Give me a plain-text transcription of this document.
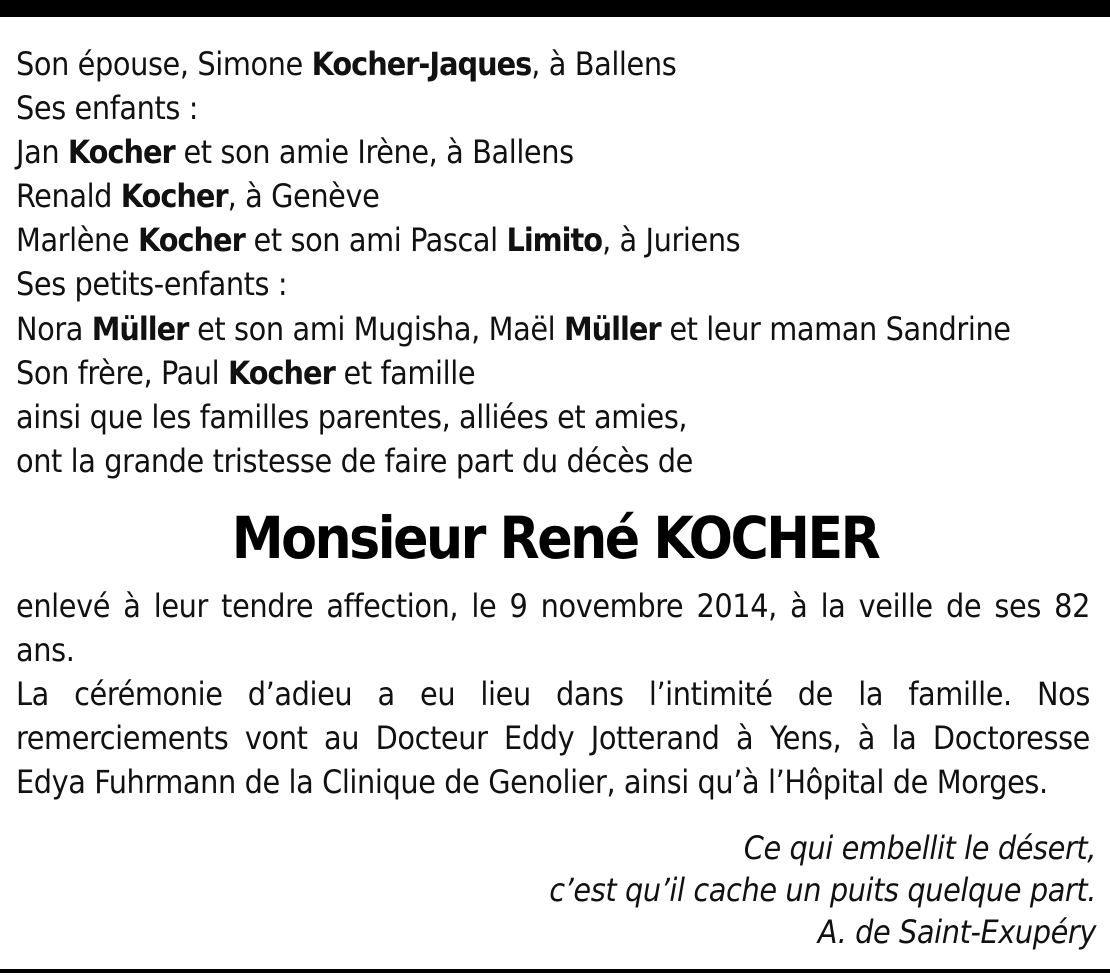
Son épouse, Simone Kocher-Jaques, à Ballens
Ses enfants :
Jan Kocher et son amie Irène, à Ballens
Renald Kocher, à Genève
Marlène Kocher et son ami Pascal Limito, à Juriens
Ses petits-enfants :
Nora Müller et son ami Mugisha, Maël Müller et leur maman Sandrine
Son frère, Paul Kocher et famille
ainsi que les familles parentes, alliées et amies,
ont la grande tristesse de faire part du décès de
Monsieur René KOCHER

enlevé à leur tendre affection, le 9 novembre 2014, à la veille de ses 82 ans.

La cérémonie d’adieu a eu lieu dans l’intimité de la famille. Nos remerciements vont au Docteur Eddy Jotterand à Yens, à la Doctoresse Edya Fuhrmann de la Clinique de Genolier, ainsi qu’à l’Hôpital de Morges.

Ce qui embellit le désert,
c’est qu’il cache un puits quelque part.
A. de Saint-Exupéry
